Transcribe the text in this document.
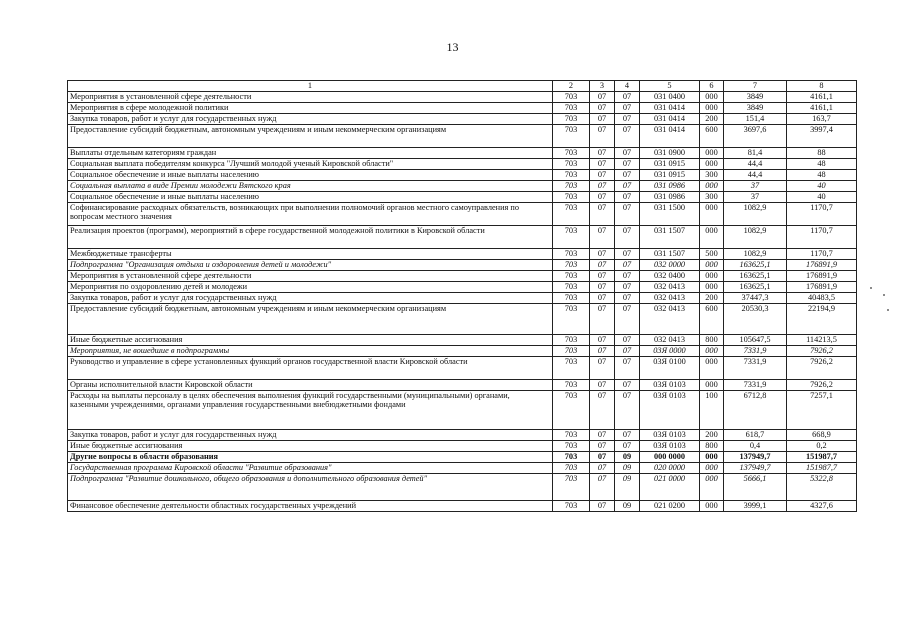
13
1	2	3	4	5	6	7	8
Мероприятия в установленной сфере деятельности	703	07	07	031 0400	000	3849	4161,1
Мероприятия в сфере молодежной политики	703	07	07	031 0414	000	3849	4161,1
Закупка товаров, работ и услуг для государственных нужд	703	07	07	031 0414	200	151,4	163,7
Предоставление субсидий бюджетным, автономным учреждениям и иным некоммерческим организациям	703	07	07	031 0414	600	3697,6	3997,4
Выплаты отдельным категориям граждан	703	07	07	031 0900	000	81,4	88
Социальная выплата победителям конкурса "Лучший молодой ученый Кировской области"	703	07	07	031 0915	000	44,4	48
Социальное обеспечение и иные выплаты населению	703	07	07	031 0915	300	44,4	48
Социальная выплата в виде Премии молодежи Вятского края	703	07	07	031 0986	000	37	40
Социальное обеспечение и иные выплаты населению	703	07	07	031 0986	300	37	40
Софинансирование расходных обязательств, возникающих при выполнении полномочий органов местного самоуправления по вопросам местного значения	703	07	07	031 1500	000	1082,9	1170,7
Реализация проектов (программ), мероприятий в сфере государственной молодежной политики в Кировской области	703	07	07	031 1507	000	1082,9	1170,7
Межбюджетные трансферты	703	07	07	031 1507	500	1082,9	1170,7
Подпрограмма "Организация отдыха и оздоровления детей и молодежи"	703	07	07	032 0000	000	163625,1	176891,9
Мероприятия в установленной сфере деятельности	703	07	07	032 0400	000	163625,1	176891,9
Мероприятия по оздоровлению детей и молодежи	703	07	07	032 0413	000	163625,1	176891,9
Закупка товаров, работ и услуг для государственных нужд	703	07	07	032 0413	200	37447,3	40483,5
Предоставление субсидий бюджетным, автономным учреждениям и иным некоммерческим организациям	703	07	07	032 0413	600	20530,3	22194,9
Иные бюджетные ассигнования	703	07	07	032 0413	800	105647,5	114213,5
Мероприятия, не вошедшие в подпрограммы	703	07	07	03Я 0000	000	7331,9	7926,2
Руководство и управление в сфере установленных функций органов государственной власти Кировской области	703	07	07	03Я 0100	000	7331,9	7926,2
Органы исполнительной власти Кировской области	703	07	07	03Я 0103	000	7331,9	7926,2
Расходы на выплаты персоналу в целях обеспечения выполнения функций государственными (муниципальными) органами, казенными учреждениями, органами управления государственными внебюджетными фондами	703	07	07	03Я 0103	100	6712,8	7257,1
Закупка товаров, работ и услуг для государственных нужд	703	07	07	03Я 0103	200	618,7	668,9
Иные бюджетные ассигнования	703	07	07	03Я 0103	800	0,4	0,2
Другие вопросы в области образования	703	07	09	000 0000	000	137949,7	151987,7
Государственная программа Кировской области "Развитие образования"	703	07	09	020 0000	000	137949,7	151987,7
Подпрограмма "Развитие дошкольного, общего образования и дополнительного образования детей"	703	07	09	021 0000	000	5666,1	5322,8
Финансовое обеспечение деятельности областных государственных учреждений	703	07	09	021 0200	000	3999,1	4327,6
